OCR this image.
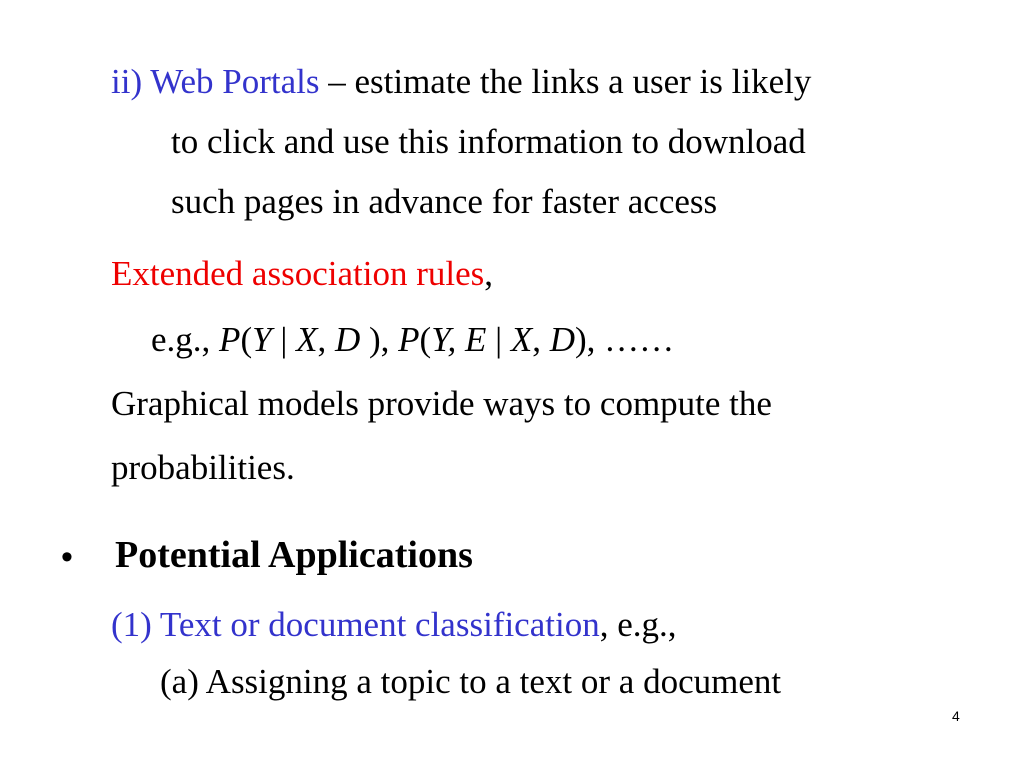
ii) Web Portals – estimate the links a user is likely
to click and use this information to download
such pages in advance for faster access
Extended association rules,
e.g., P(Y | X, D ), P(Y, E | X, D), ……
Graphical models provide ways to compute the
probabilities.
• Potential Applications
(1) Text or document classification, e.g.,
(a) Assigning a topic to a text or a document
4
